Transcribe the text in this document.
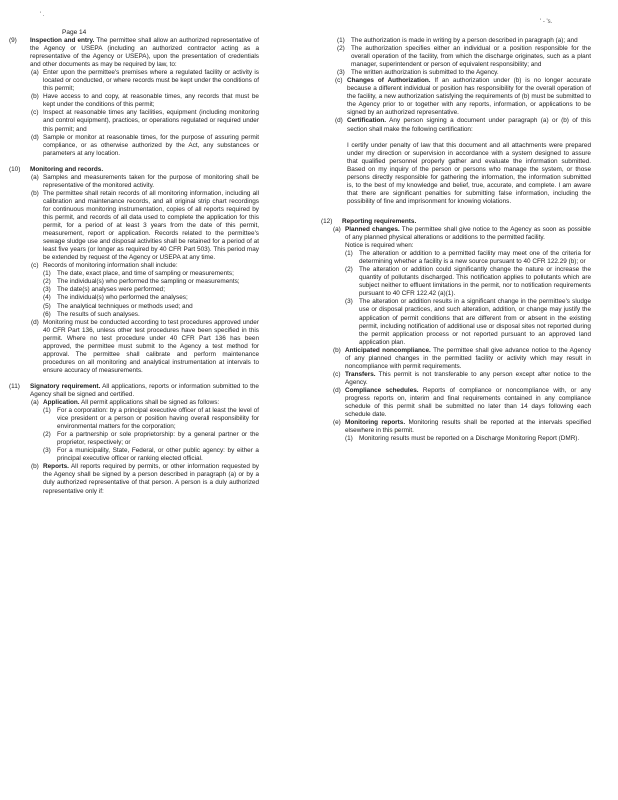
' .
' - 's.
Page 14
(9)	Inspection and entry. The permittee shall allow an authorized representative of the Agency or USEPA (including an authorized contractor acting as a representative of the Agency or USEPA), upon the presentation of credentials and other documents as may be required by law, to:
(a) Enter upon the permittee's premises where a regulated facility or activity is located or conducted, or where records must be kept under the conditions of this permit;
(b) Have access to and copy, at reasonable times, any records that must be kept under the conditions of this permit;
(c) Inspect at reasonable times any facilities, equipment (including monitoring and control equipment), practices, or operations regulated or required under this permit; and
(d) Sample or monitor at reasonable times, for the purpose of assuring permit compliance, or as otherwise authorized by the Act, any substances or parameters at any location.
(10)	Monitoring and records.
(a) Samples and measurements taken for the purpose of monitoring shall be representative of the monitored activity.
(b) The permittee shall retain records of all monitoring information, including all calibration and maintenance records, and all original strip chart recordings for continuous monitoring instrumentation, copies of all reports required by this permit, and records of all data used to complete the application for this permit, for a period of at least 3 years from the date of this permit, measurement, report or application. Records related to the permittee's sewage sludge use and disposal activities shall be retained for a period of at least five years (or longer as required by 40 CFR Part 503). This period may be extended by request of the Agency or USEPA at any time.
(c) Records of monitoring information shall include:
(1) The date, exact place, and time of sampling or measurements;
(2) The individual(s) who performed the sampling or measurements;
(3) The date(s) analyses were performed;
(4) The individual(s) who performed the analyses;
(5) The analytical techniques or methods used; and
(6) The results of such analyses.
(d) Monitoring must be conducted according to test procedures approved under 40 CFR Part 136, unless other test procedures have been specified in this permit. Where no test procedure under 40 CFR Part 136 has been approved, the permittee must submit to the Agency a test method for approval. The permittee shall calibrate and perform maintenance procedures on all monitoring and analytical instrumentation at intervals to ensure accuracy of measurements.
(11)	Signatory requirement. All applications, reports or information submitted to the Agency shall be signed and certified.
(a) Application. All permit applications shall be signed as follows:
(1) For a corporation: by a principal executive officer of at least the level of vice president or a person or position having overall responsibility for environmental matters for the corporation;
(2) For a partnership or sole proprietorship: by a general partner or the proprietor, respectively; or
(3) For a municipality, State, Federal, or other public agency: by either a principal executive officer or ranking elected official.
(b) Reports. All reports required by permits, or other information requested by the Agency shall be signed by a person described in paragraph (a) or by a duly authorized representative of that person. A person is a duly authorized representative only if:
(1) The authorization is made in writing by a person described in paragraph (a); and
(2) The authorization specifies either an individual or a position responsible for the overall operation of the facility, from which the discharge originates, such as a plant manager, superintendent or person of equivalent responsibility; and
(3) The written authorization is submitted to the Agency.
(c) Changes of Authorization. If an authorization under (b) is no longer accurate because a different individual or position has responsibility for the overall operation of the facility, a new authorization satisfying the requirements of (b) must be submitted to the Agency prior to or together with any reports, information, or applications to be signed by an authorized representative.
(d) Certification. Any person signing a document under paragraph (a) or (b) of this section shall make the following certification:
I certify under penalty of law that this document and all attachments were prepared under my direction or supervision in accordance with a system designed to assure that qualified personnel properly gather and evaluate the information submitted. Based on my inquiry of the person or persons who manage the system, or those persons directly responsible for gathering the information, the information submitted is, to the best of my knowledge and belief, true, accurate, and complete. I am aware that there are significant penalties for submitting false information, including the possibility of fine and imprisonment for knowing violations.
(12)	Reporting requirements.
(a) Planned changes. The permittee shall give notice to the Agency as soon as possible of any planned physical alterations or additions to the permitted facility.
Notice is required when:
(1) The alteration or addition to a permitted facility may meet one of the criteria for determining whether a facility is a new source pursuant to 40 CFR 122.29 (b); or
(2) The alteration or addition could significantly change the nature or increase the quantity of pollutants discharged. This notification applies to pollutants which are subject neither to effluent limitations in the permit, nor to notification requirements pursuant to 40 CFR 122.42 (a)(1).
(3) The alteration or addition results in a significant change in the permittee's sludge use or disposal practices, and such alteration, addition, or change may justify the application of permit conditions that are different from or absent in the existing permit, including notification of additional use or disposal sites not reported during the permit application process or not reported pursuant to an approved land application plan.
(b) Anticipated noncompliance. The permittee shall give advance notice to the Agency of any planned changes in the permitted facility or activity which may result in noncompliance with permit requirements.
(c) Transfers. This permit is not transferable to any person except after notice to the Agency.
(d) Compliance schedules. Reports of compliance or noncompliance with, or any progress reports on, interim and final requirements contained in any compliance schedule of this permit shall be submitted no later than 14 days following each schedule date.
(e) Monitoring reports. Monitoring results shall be reported at the intervals specified elsewhere in this permit.
(1) Monitoring results must be reported on a Discharge Monitoring Report (DMR).
